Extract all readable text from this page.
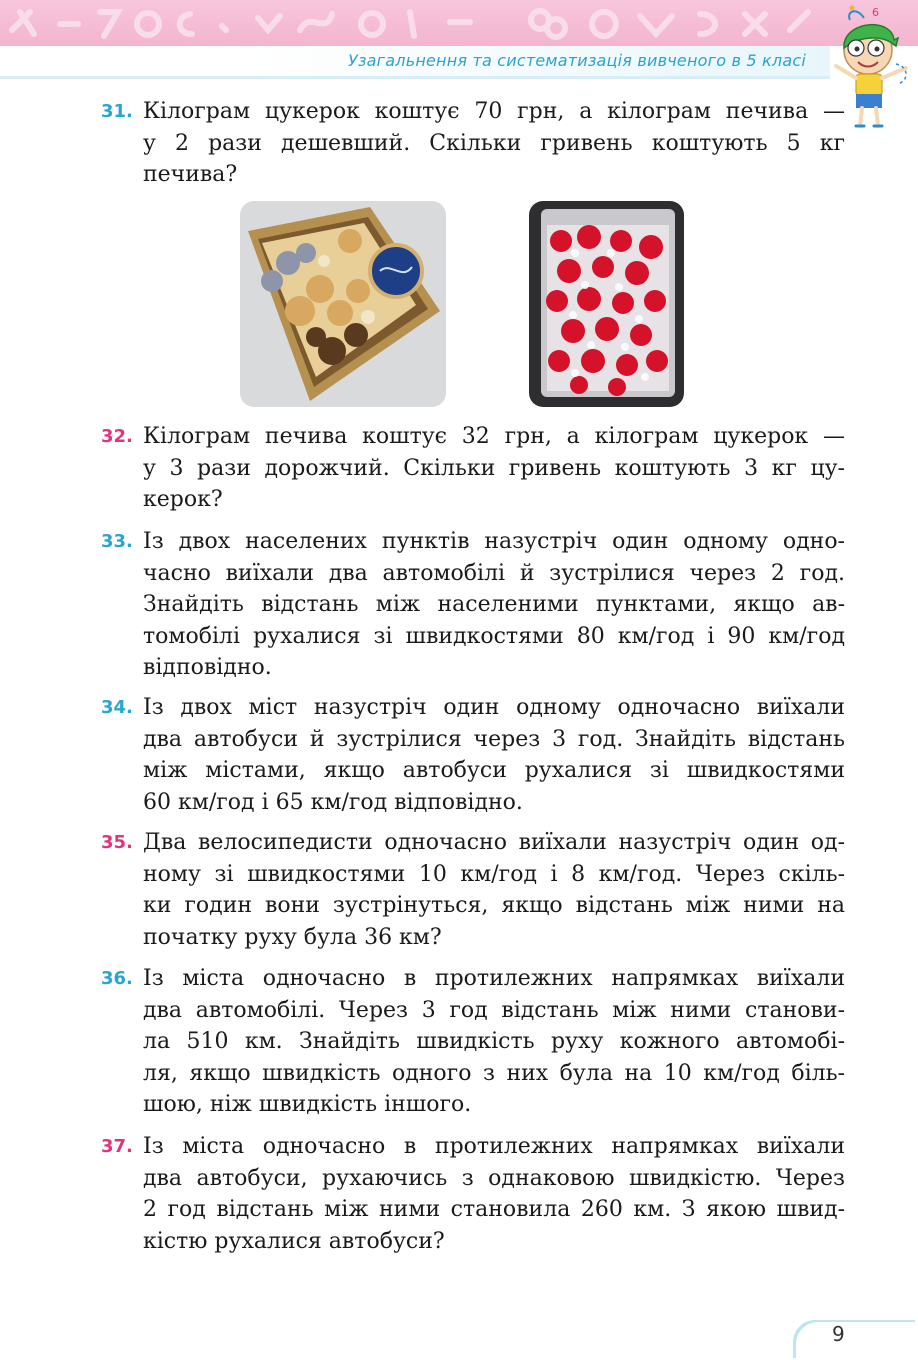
Узагальнення та систематизація вивченого в 5 класі
6
31. Кілограм цукерок коштує 70 грн, а кілограм печива —
у 2 рази дешевший. Скільки гривень коштують 5 кг
печива?
32. Кілограм печива коштує 32 грн, а кілограм цукерок —
у 3 рази дорожчий. Скільки гривень коштують 3 кг цу-
керок?
33. Із двох населених пунктів назустріч один одному одно-
часно виїхали два автомобілі й зустрілися через 2 год.
Знайдіть відстань між населеними пунктами, якщо ав-
томобілі рухалися зі швидкостями 80 км/год і 90 км/год
відповідно.
34. Із двох міст назустріч один одному одночасно виїхали
два автобуси й зустрілися через 3 год. Знайдіть відстань
між містами, якщо автобуси рухалися зі швидкостями
60 км/год і 65 км/год відповідно.
35. Два велосипедисти одночасно виїхали назустріч один од-
ному зі швидкостями 10 км/год і 8 км/год. Через скіль-
ки годин вони зустрінуться, якщо відстань між ними на
початку руху була 36 км?
36. Із міста одночасно в протилежних напрямках виїхали
два автомобілі. Через 3 год відстань між ними станови-
ла 510 км. Знайдіть швидкість руху кожного автомобі-
ля, якщо швидкість одного з них була на 10 км/год біль-
шою, ніж швидкість іншого.
37. Із міста одночасно в протилежних напрямках виїхали
два автобуси, рухаючись з однаковою швидкістю. Через
2 год відстань між ними становила 260 км. З якою швид-
кістю рухалися автобуси?
9
